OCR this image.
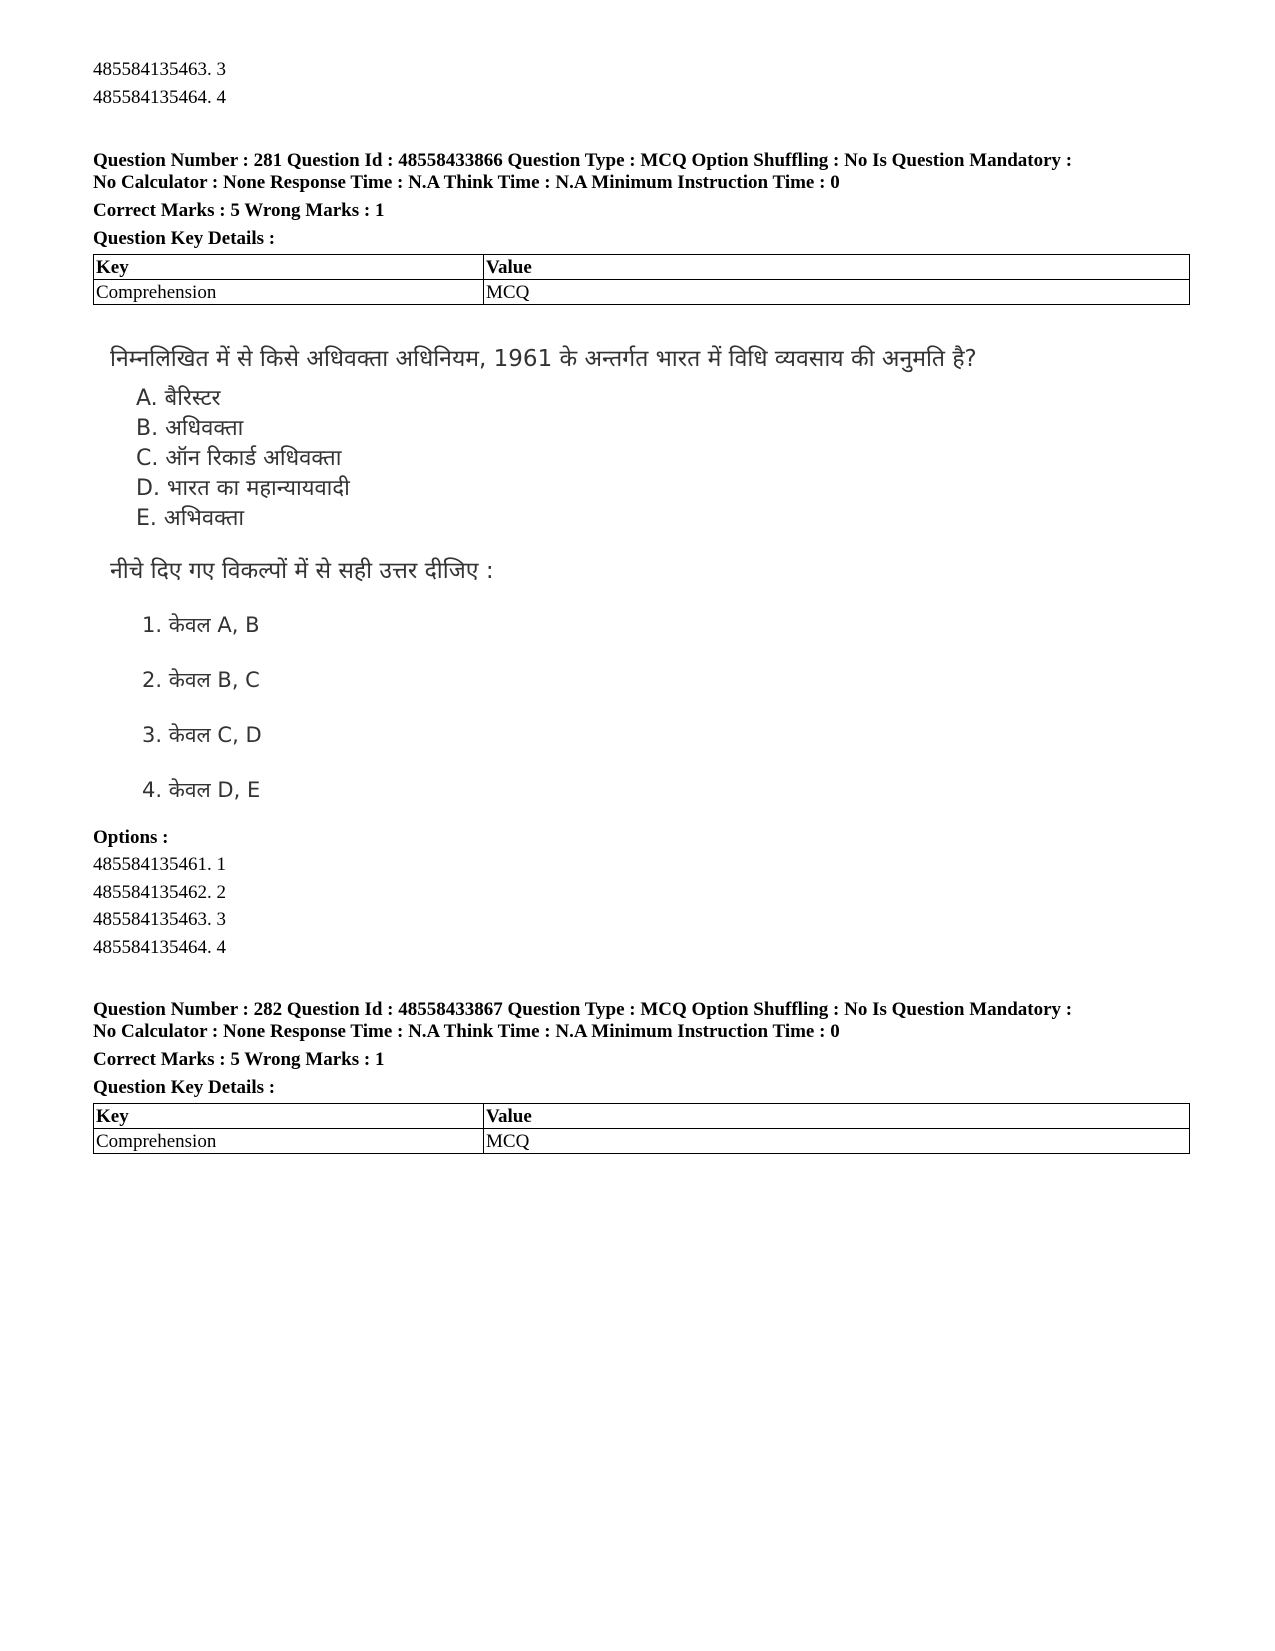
485584135463. 3
485584135464. 4
Question Number : 281 Question Id : 48558433866 Question Type : MCQ Option Shuffling : No Is Question Mandatory :
No Calculator : None Response Time : N.A Think Time : N.A Minimum Instruction Time : 0
Correct Marks : 5 Wrong Marks : 1
Question Key Details :
Key	Value
Comprehension	MCQ
निम्नलिखित में से किसे अधिवक्ता अधिनियम, 1961 के अन्तर्गत भारत में विधि व्यवसाय की अनुमति है?
A. बैरिस्टर
B. अधिवक्ता
C. ऑन रिकार्ड अधिवक्ता
D. भारत का महान्यायवादी
E. अभिवक्ता
नीचे दिए गए विकल्पों में से सही उत्तर दीजिए :
1. केवल A, B
2. केवल B, C
3. केवल C, D
4. केवल D, E
Options :
485584135461. 1
485584135462. 2
485584135463. 3
485584135464. 4
Question Number : 282 Question Id : 48558433867 Question Type : MCQ Option Shuffling : No Is Question Mandatory :
No Calculator : None Response Time : N.A Think Time : N.A Minimum Instruction Time : 0
Correct Marks : 5 Wrong Marks : 1
Question Key Details :
Key	Value
Comprehension	MCQ
